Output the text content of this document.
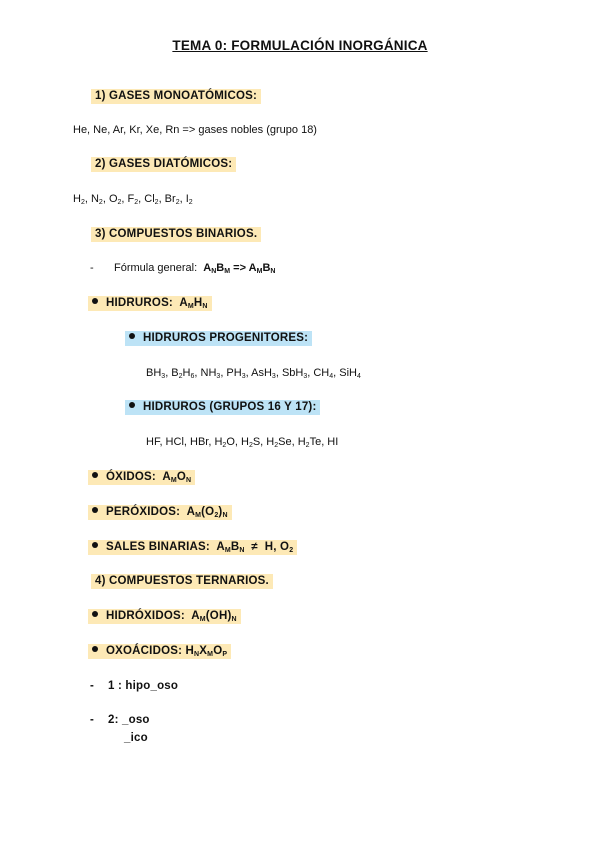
TEMA 0: FORMULACIÓN INORGÁNICA
1) GASES MONOATÓMICOS:
He, Ne, Ar, Kr, Xe, Rn => gases nobles (grupo 18)
2) GASES DIATÓMICOS:
$H_2$, $N_2$, $O_2$, $F_2$, $Cl_2$, $Br_2$, $I_2$
3) COMPUESTOS BINARIOS.
- Fórmula general: $A_NB_M => A_MB_N$
HIDRUROS:  $A_MH_N$
HIDRUROS PROGENITORES:
$BH_3$, $B_2H_6$, $NH_3$, $PH_3$, AsH$_3$, SbH$_3$, $CH_4$, SiH$_4$
HIDRUROS (GRUPOS 16 Y 17):
HF, HCl, HBr, $H_2O$, $H_2S$, $H_2Se$, $H_2Te$, HI
ÓXIDOS:  $A_MO_N$
PERÓXIDOS:  $A_M(O_2)_N$
SALES BINARIAS:  $A_MB_N \ne H$, $O_2$
4) COMPUESTOS TERNARIOS.
HIDRÓXIDOS:  $A_M(OH)_N$
OXOÁCIDOS: $H_NX_MO_P$
- 1 : hipo_oso
- 2: _oso
_ico
